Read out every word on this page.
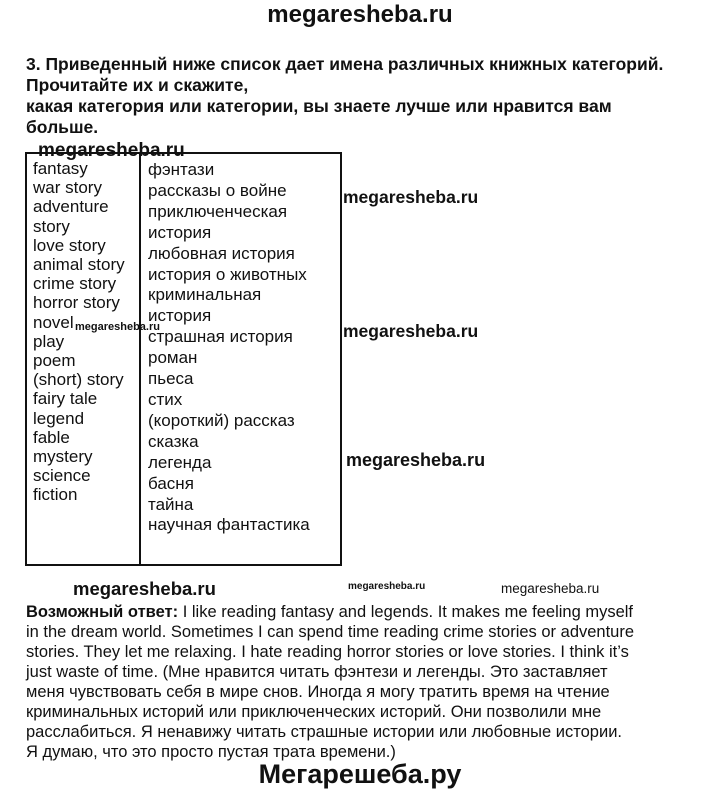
megaresheba.ru
3. Приведенный ниже список дает имена различных книжных категорий.
Прочитайте их и скажите,
какая категория или категории, вы знаете лучше или нравится вам
больше.
fantasy
war story
adventure
story
love story
animal story
crime story
horror story
novel
play
poem
(short) story
fairy tale
legend
fable
mystery
science
fiction
фэнтази
рассказы о войне
приключенческая
история
любовная история
история о животных
криминальная
история
страшная история
роман
пьеса
стих
(короткий) рассказ
сказка
легенда
басня
тайна
научная фантастика
megaresheba.ru
megaresheba.ru
megaresheba.ru
megaresheba.ru
megaresheba.ru
megaresheba.ru	megaresheba.ru	megaresheba.ru
Возможный ответ: I like reading fantasy and legends. It makes me feeling myself
in the dream world. Sometimes I can spend time reading crime stories or adventure
stories. They let me relaxing. I hate reading horror stories or love stories. I think it’s
just waste of time. (Мне нравится читать фэнтези и легенды. Это заставляет
меня чувствовать себя в мире снов. Иногда я могу тратить время на чтение
криминальных историй или приключенческих историй. Они позволили мне
расслабиться. Я ненавижу читать страшные истории или любовные истории.
Я думаю, что это просто пустая трата времени.)
Мегарешеба.ру
